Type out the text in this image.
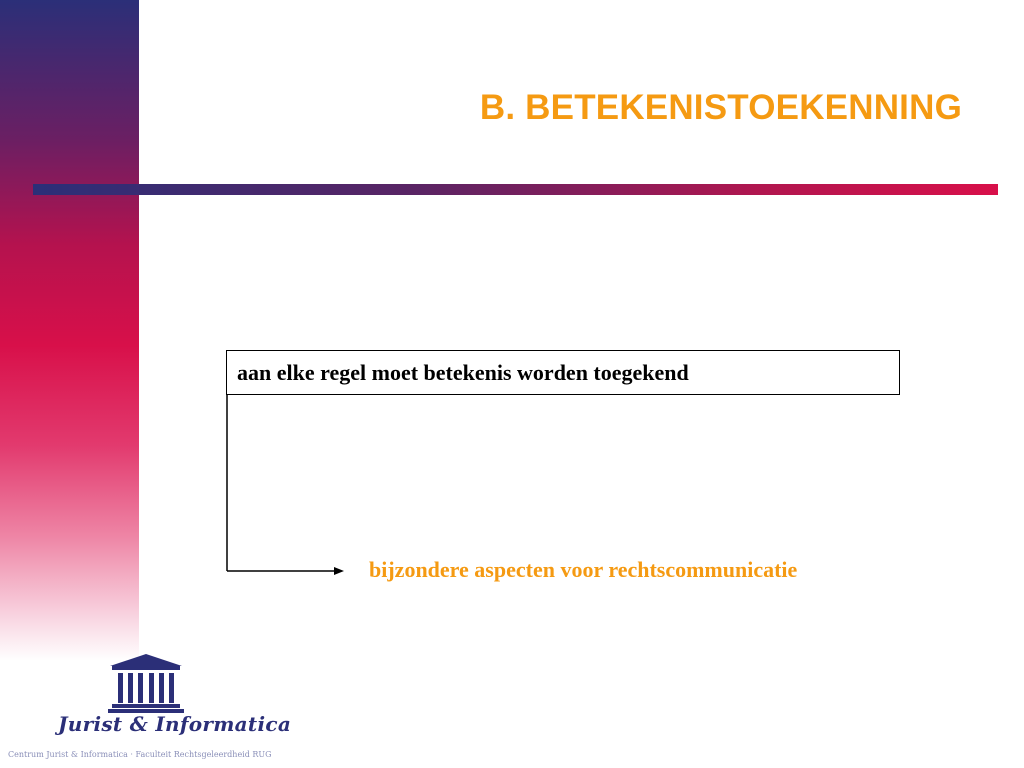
B. BETEKENISTOEKENNING

aan elke regel moet betekenis worden toegekend

bijzondere aspecten voor rechtscommunicatie

Jurist & Informatica

Centrum Jurist & Informatica · Faculteit Rechtsgeleerdheid RUG
